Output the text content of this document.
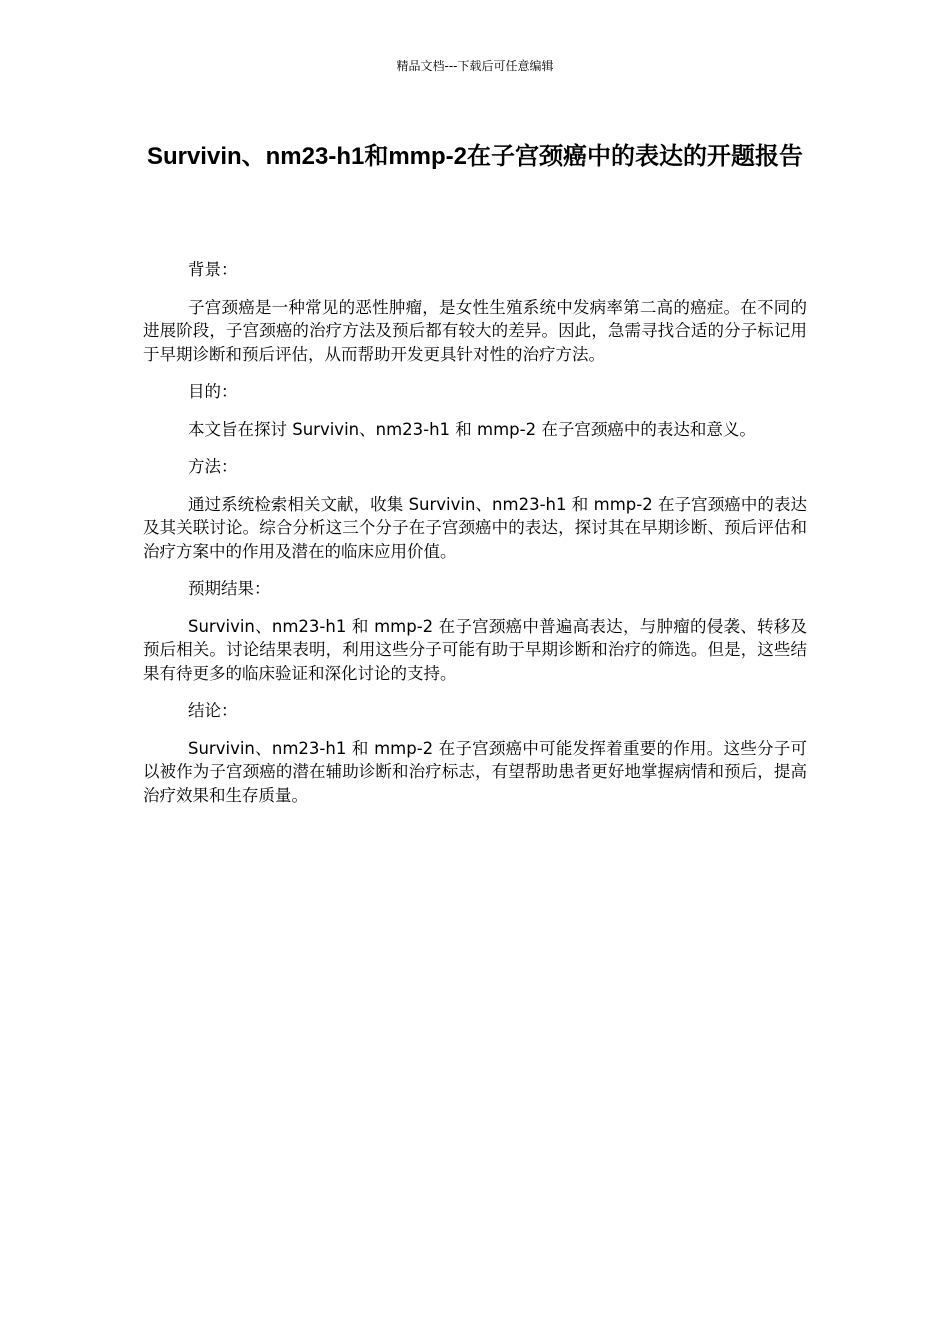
精品文档---下载后可任意编辑
Survivin、nm23-h1和mmp-2在子宫颈癌中的表达的开题报告

背景：

子宫颈癌是一种常见的恶性肿瘤，是女性生殖系统中发病率第二高的癌症。在不同的进展阶段，子宫颈癌的治疗方法及预后都有较大的差异。因此，急需寻找合适的分子标记用于早期诊断和预后评估，从而帮助开发更具针对性的治疗方法。

目的：

本文旨在探讨 Survivin、nm23-h1 和 mmp-2 在子宫颈癌中的表达和意义。

方法：

通过系统检索相关文献，收集 Survivin、nm23-h1 和 mmp-2 在子宫颈癌中的表达及其关联讨论。综合分析这三个分子在子宫颈癌中的表达，探讨其在早期诊断、预后评估和治疗方案中的作用及潜在的临床应用价值。

预期结果：

Survivin、nm23-h1 和 mmp-2 在子宫颈癌中普遍高表达，与肿瘤的侵袭、转移及预后相关。讨论结果表明，利用这些分子可能有助于早期诊断和治疗的筛选。但是，这些结果有待更多的临床验证和深化讨论的支持。

结论：

Survivin、nm23-h1 和 mmp-2 在子宫颈癌中可能发挥着重要的作用。这些分子可以被作为子宫颈癌的潜在辅助诊断和治疗标志，有望帮助患者更好地掌握病情和预后，提高治疗效果和生存质量。
